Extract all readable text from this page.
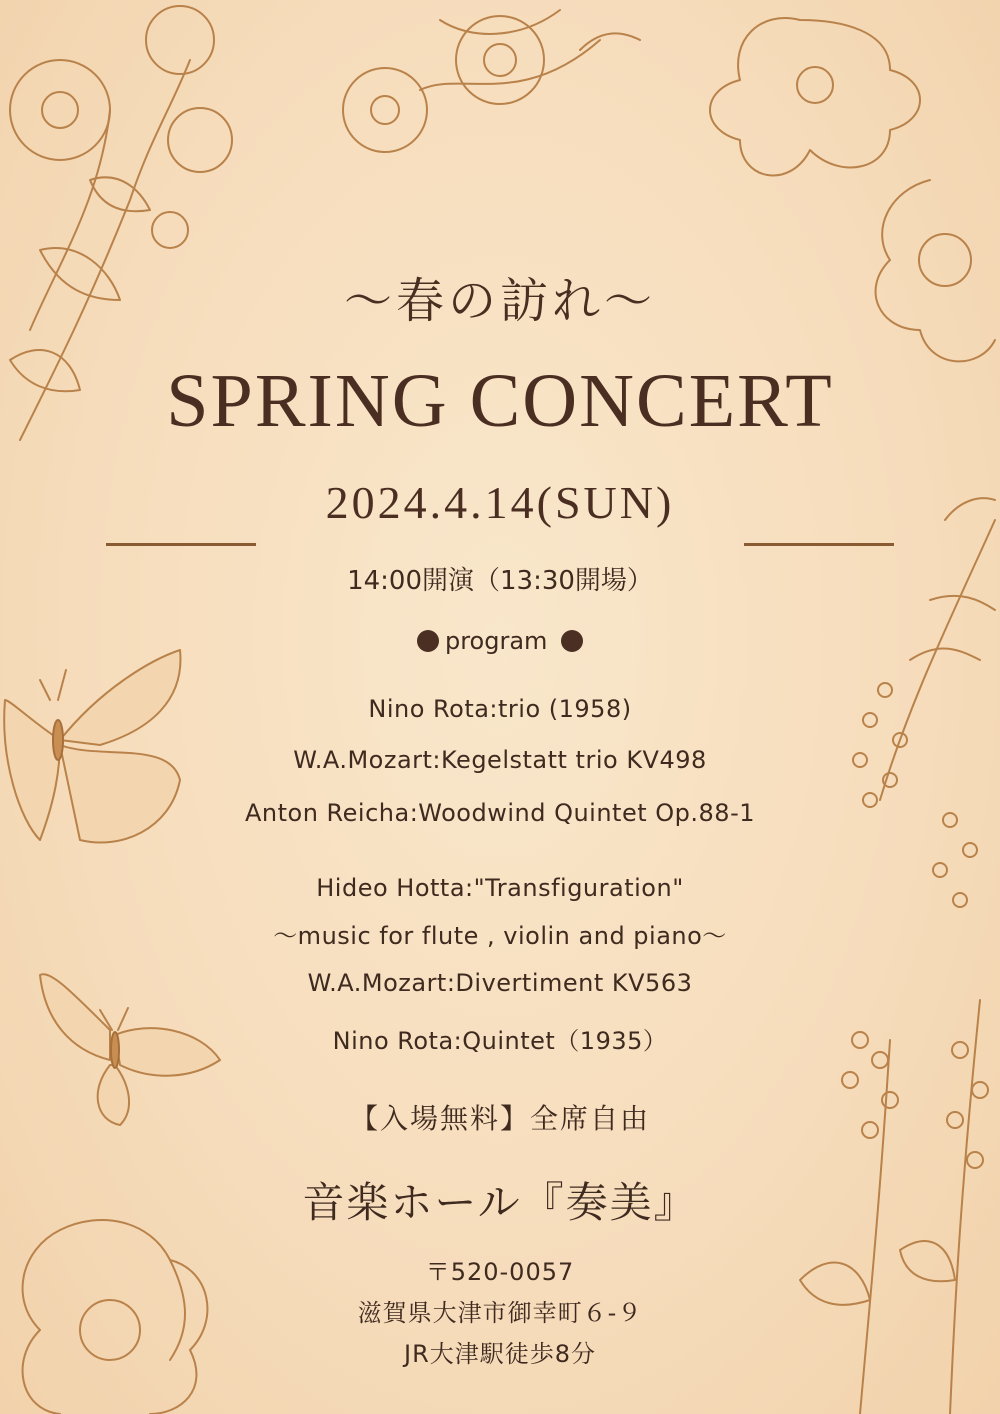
〜春の訪れ〜
SPRING CONCERT
2024.4.14(SUN)
14:00開演（13:30開場）
program
Nino Rota:trio (1958)
W.A.Mozart:Kegelstatt trio KV498
Anton Reicha:Woodwind Quintet Op.88-1
Hideo Hotta:"Transfiguration"
〜music for flute , violin and piano〜
W.A.Mozart:Divertiment KV563
Nino Rota:Quintet（1935）
【入場無料】全席自由
音楽ホール『奏美』
〒520-0057
滋賀県大津市御幸町６-９
JR大津駅徒歩8分
